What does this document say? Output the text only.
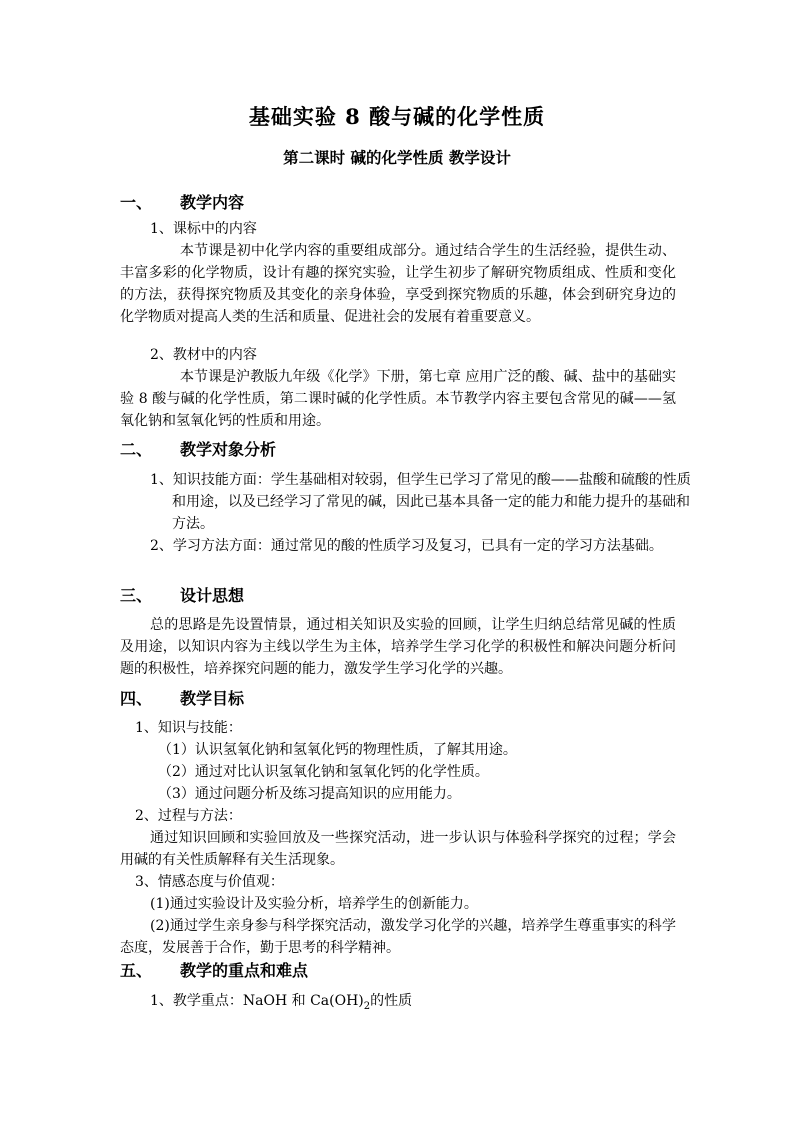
基础实验 8 酸与碱的化学性质
第二课时 碱的化学性质 教学设计
一、 教学内容
1、课标中的内容
本节课是初中化学内容的重要组成部分。通过结合学生的生活经验，提供生动、丰富多彩的化学物质，设计有趣的探究实验，让学生初步了解研究物质组成、性质和变化的方法，获得探究物质及其变化的亲身体验，享受到探究物质的乐趣，体会到研究身边的化学物质对提高人类的生活和质量、促进社会的发展有着重要意义。
2、教材中的内容
本节课是沪教版九年级《化学》下册，第七章 应用广泛的酸、碱、盐中的基础实验 8 酸与碱的化学性质，第二课时碱的化学性质。本节教学内容主要包含常见的碱——氢氧化钠和氢氧化钙的性质和用途。
二、 教学对象分析
1、知识技能方面：学生基础相对较弱，但学生已学习了常见的酸——盐酸和硫酸的性质和用途，以及已经学习了常见的碱，因此已基本具备一定的能力和能力提升的基础和方法。
2、学习方法方面：通过常见的酸的性质学习及复习，已具有一定的学习方法基础。
三、 设计思想
总的思路是先设置情景，通过相关知识及实验的回顾，让学生归纳总结常见碱的性质及用途，以知识内容为主线以学生为主体，培养学生学习化学的积极性和解决问题分析问题的积极性，培养探究问题的能力，激发学生学习化学的兴趣。
四、 教学目标
1、知识与技能：
（1）认识氢氧化钠和氢氧化钙的物理性质，了解其用途。
（2）通过对比认识氢氧化钠和氢氧化钙的化学性质。
（3）通过问题分析及练习提高知识的应用能力。
2、过程与方法：
通过知识回顾和实验回放及一些探究活动，进一步认识与体验科学探究的过程；学会用碱的有关性质解释有关生活现象。
3、情感态度与价值观：
(1)通过实验设计及实验分析，培养学生的创新能力。
(2)通过学生亲身参与科学探究活动，激发学习化学的兴趣，培养学生尊重事实的科学态度，发展善于合作，勤于思考的科学精神。
五、 教学的重点和难点
1、教学重点：NaOH 和 $Ca(OH)_2$的性质
